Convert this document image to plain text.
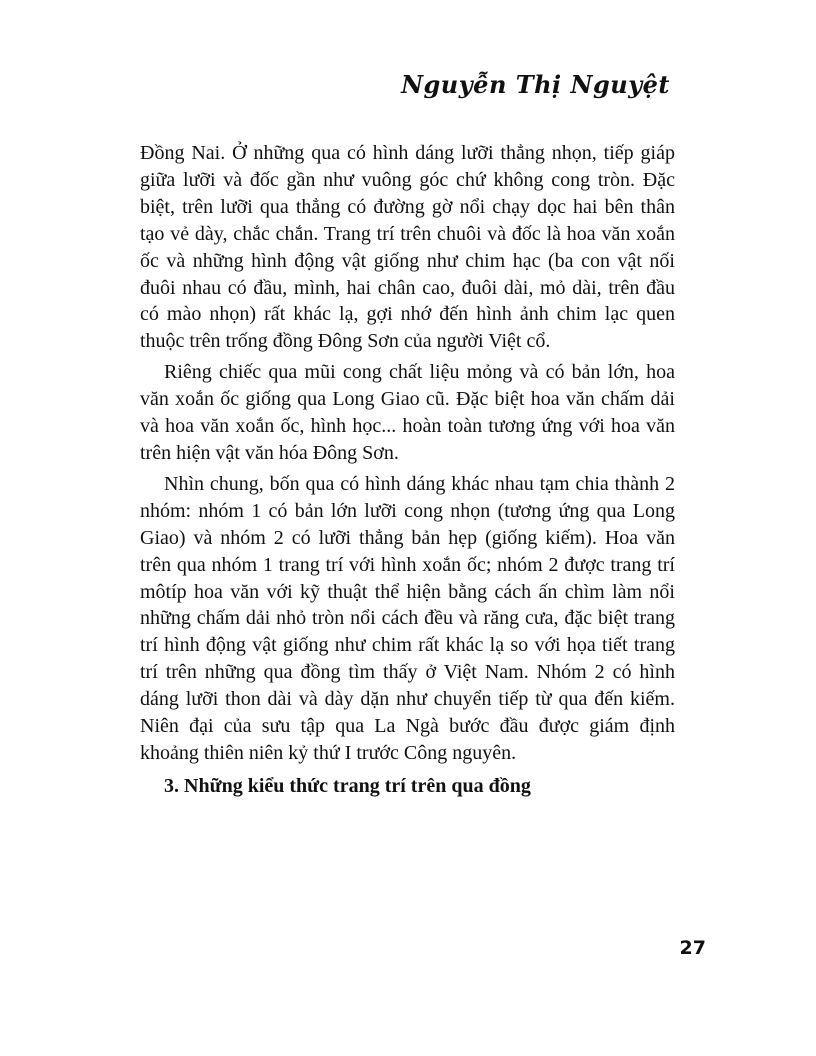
Nguyễn Thị Nguyệt

Đồng Nai. Ở những qua có hình dáng lưỡi thẳng nhọn, tiếp giáp giữa lưỡi và đốc gần như vuông góc chứ không cong tròn. Đặc biệt, trên lưỡi qua thẳng có đường gờ nổi chạy dọc hai bên thân tạo vẻ dày, chắc chắn. Trang trí trên chuôi và đốc là hoa văn xoắn ốc và những hình động vật giống như chim hạc (ba con vật nối đuôi nhau có đầu, mình, hai chân cao, đuôi dài, mỏ dài, trên đầu có mào nhọn) rất khác lạ, gợi nhớ đến hình ảnh chim lạc quen thuộc trên trống đồng Đông Sơn của người Việt cổ.

Riêng chiếc qua mũi cong chất liệu mỏng và có bản lớn, hoa văn xoắn ốc giống qua Long Giao cũ. Đặc biệt hoa văn chấm dải và hoa văn xoắn ốc, hình học... hoàn toàn tương ứng với hoa văn trên hiện vật văn hóa Đông Sơn.

Nhìn chung, bốn qua có hình dáng khác nhau tạm chia thành 2 nhóm: nhóm 1 có bản lớn lưỡi cong nhọn (tương ứng qua Long Giao) và nhóm 2 có lưỡi thẳng bản hẹp (giống kiếm). Hoa văn trên qua nhóm 1 trang trí với hình xoắn ốc; nhóm 2 được trang trí môtíp hoa văn với kỹ thuật thể hiện bằng cách ấn chìm làm nổi những chấm dải nhỏ tròn nổi cách đều và răng cưa, đặc biệt trang trí hình động vật giống như chim rất khác lạ so với họa tiết trang trí trên những qua đồng tìm thấy ở Việt Nam. Nhóm 2 có hình dáng lưỡi thon dài và dày dặn như chuyển tiếp từ qua đến kiếm. Niên đại của sưu tập qua La Ngà bước đầu được giám định khoảng thiên niên kỷ thứ I trước Công nguyên.

3. Những kiểu thức trang trí trên qua đồng
27
